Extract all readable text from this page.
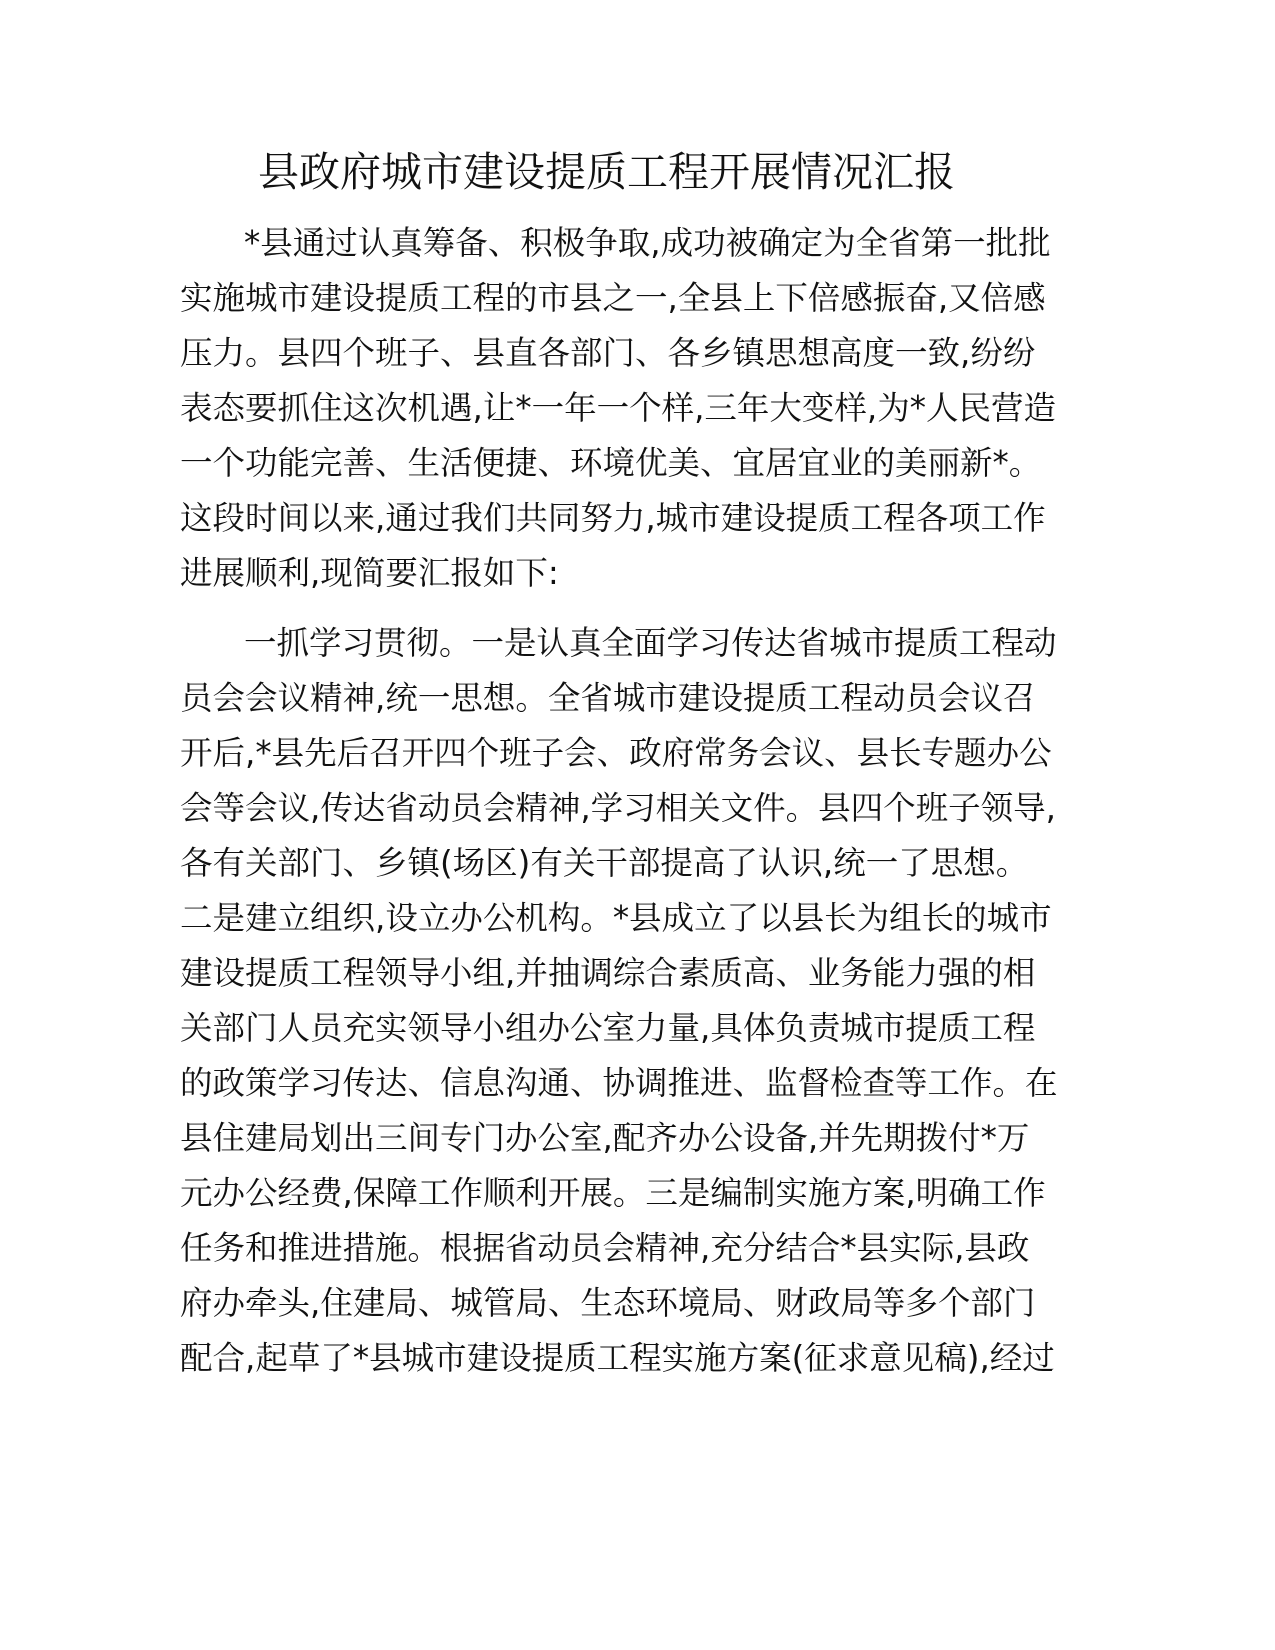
县政府城市建设提质工程开展情况汇报
*县通过认真筹备、积极争取,成功被确定为全省第一批批
实施城市建设提质工程的市县之一,全县上下倍感振奋,又倍感
压力。县四个班子、县直各部门、各乡镇思想高度一致,纷纷
表态要抓住这次机遇,让*一年一个样,三年大变样,为*人民营造
一个功能完善、生活便捷、环境优美、宜居宜业的美丽新*。
这段时间以来,通过我们共同努力,城市建设提质工程各项工作
进展顺利,现简要汇报如下:
一抓学习贯彻。一是认真全面学习传达省城市提质工程动
员会会议精神,统一思想。全省城市建设提质工程动员会议召
开后,*县先后召开四个班子会、政府常务会议、县长专题办公
会等会议,传达省动员会精神,学习相关文件。县四个班子领导,
各有关部门、乡镇(场区)有关干部提高了认识,统一了思想。
二是建立组织,设立办公机构。*县成立了以县长为组长的城市
建设提质工程领导小组,并抽调综合素质高、业务能力强的相
关部门人员充实领导小组办公室力量,具体负责城市提质工程
的政策学习传达、信息沟通、协调推进、监督检查等工作。在
县住建局划出三间专门办公室,配齐办公设备,并先期拨付*万
元办公经费,保障工作顺利开展。三是编制实施方案,明确工作
任务和推进措施。根据省动员会精神,充分结合*县实际,县政
府办牵头,住建局、城管局、生态环境局、财政局等多个部门
配合,起草了*县城市建设提质工程实施方案(征求意见稿),经过
